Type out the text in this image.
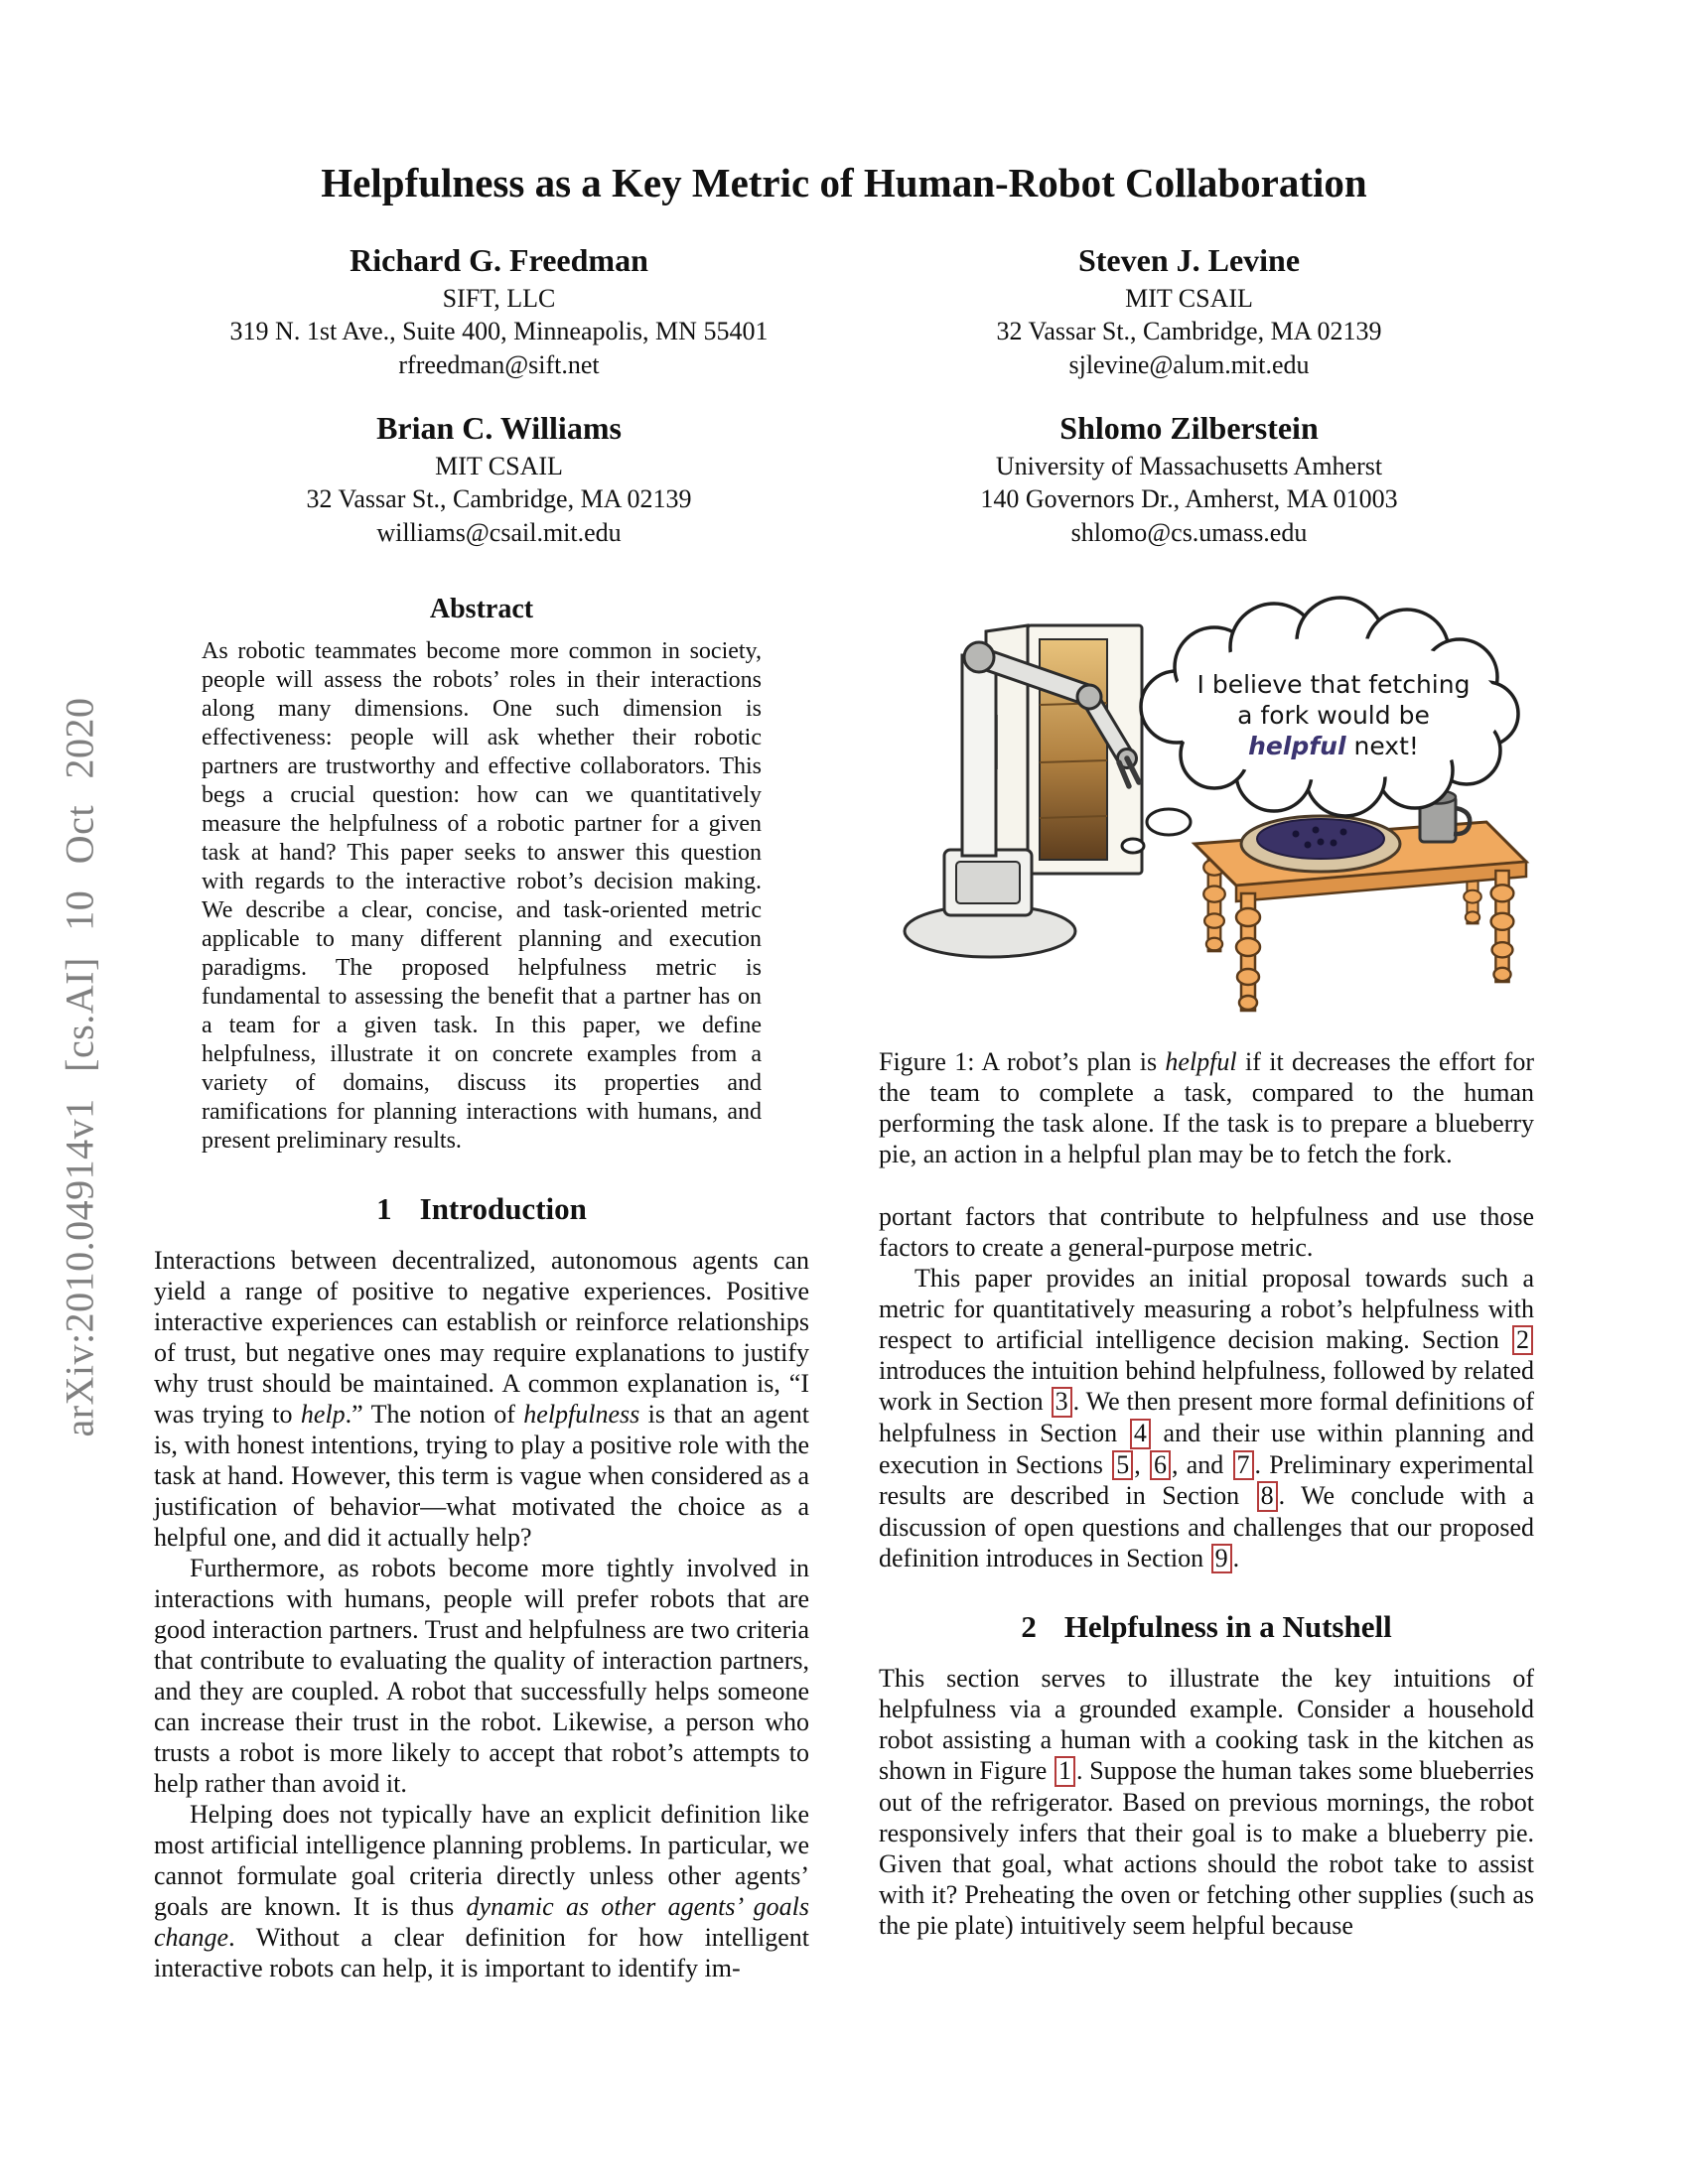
arXiv:2010.04914v1 [cs.AI] 10 Oct 2020
Helpfulness as a Key Metric of Human-Robot Collaboration
Richard G. Freedman
SIFT, LLC
319 N. 1st Ave., Suite 400, Minneapolis, MN 55401
rfreedman@sift.net
Steven J. Levine
MIT CSAIL
32 Vassar St., Cambridge, MA 02139
sjlevine@alum.mit.edu
Brian C. Williams
MIT CSAIL
32 Vassar St., Cambridge, MA 02139
williams@csail.mit.edu
Shlomo Zilberstein
University of Massachusetts Amherst
140 Governors Dr., Amherst, MA 01003
shlomo@cs.umass.edu
Abstract

As robotic teammates become more common in society, people will assess the robots’ roles in their interactions along many dimensions. One such dimension is effectiveness: people will ask whether their robotic partners are trustworthy and effective collaborators. This begs a crucial question: how can we quantitatively measure the helpfulness of a robotic partner for a given task at hand? This paper seeks to answer this question with regards to the interactive robot’s decision making. We describe a clear, concise, and task-oriented metric applicable to many different planning and execution paradigms. The proposed helpfulness metric is fundamental to assessing the benefit that a partner has on a team for a given task. In this paper, we define helpfulness, illustrate it on concrete examples from a variety of domains, discuss its properties and ramifications for planning interactions with humans, and present preliminary results.

1 Introduction

Interactions between decentralized, autonomous agents can yield a range of positive to negative experiences. Positive interactive experiences can establish or reinforce relationships of trust, but negative ones may require explanations to justify why trust should be maintained. A common explanation is, “I was trying to help.” The notion of helpfulness is that an agent is, with honest intentions, trying to play a positive role with the task at hand. However, this term is vague when considered as a justification of behavior—what motivated the choice as a helpful one, and did it actually help?

Furthermore, as robots become more tightly involved in interactions with humans, people will prefer robots that are good interaction partners. Trust and helpfulness are two criteria that contribute to evaluating the quality of interaction partners, and they are coupled. A robot that successfully helps someone can increase their trust in the robot. Likewise, a person who trusts a robot is more likely to accept that robot’s attempts to help rather than avoid it.

Helping does not typically have an explicit definition like most artificial intelligence planning problems. In particular, we cannot formulate goal criteria directly unless other agents’ goals are known. It is thus dynamic as other agents’ goals change. Without a clear definition for how intelligent interactive robots can help, it is important to identify im-

I believe that fetching
a fork would be
helpful next!
Figure 1: A robot’s plan is helpful if it decreases the effort for the team to complete a task, compared to the human performing the task alone. If the task is to prepare a blueberry pie, an action in a helpful plan may be to fetch the fork.

portant factors that contribute to helpfulness and use those factors to create a general-purpose metric.

This paper provides an initial proposal towards such a metric for quantitatively measuring a robot’s helpfulness with respect to artificial intelligence decision making. Section 2 introduces the intuition behind helpfulness, followed by related work in Section 3 . We then present more formal definitions of helpfulness in Section 4 and their use within planning and execution in Sections 5 , 6 , and 7 . Preliminary experimental results are described in Section 8 . We conclude with a discussion of open questions and challenges that our proposed definition introduces in Section 9 .

2 Helpfulness in a Nutshell

This section serves to illustrate the key intuitions of helpfulness via a grounded example. Consider a household robot assisting a human with a cooking task in the kitchen as shown in Figure 1 . Suppose the human takes some blueberries out of the refrigerator. Based on previous mornings, the robot responsively infers that their goal is to make a blueberry pie. Given that goal, what actions should the robot take to assist with it? Preheating the oven or fetching other supplies (such as the pie plate) intuitively seem helpful because
